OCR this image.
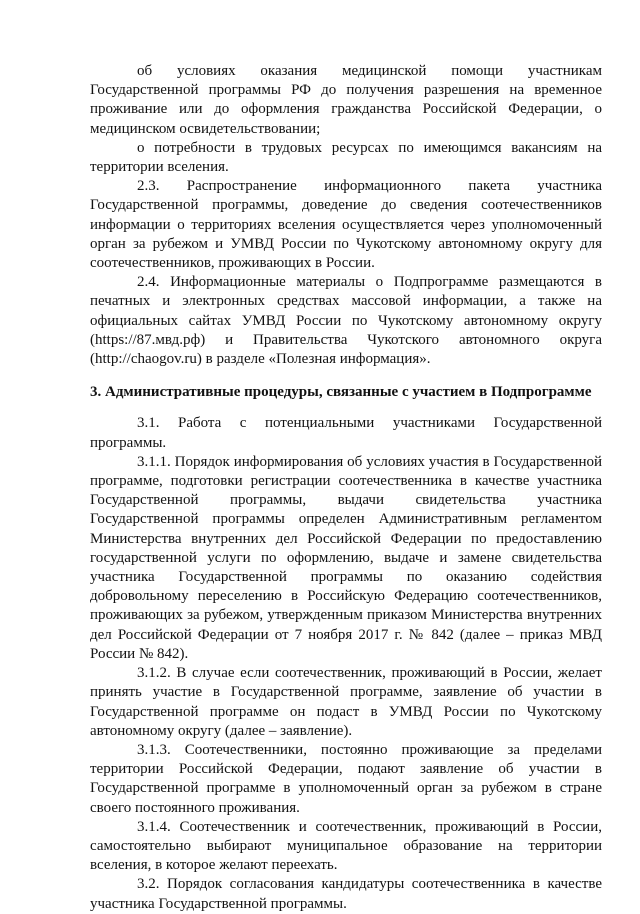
об условиях оказания медицинской помощи участникам Государственной программы РФ до получения разрешения на временное проживание или до оформления гражданства Российской Федерации, о медицинском освидетельствовании;

о потребности в трудовых ресурсах по имеющимся вакансиям на территории вселения.

2.3. Распространение информационного пакета участника Государственной программы, доведение до сведения соотечественников информации о территориях вселения осуществляется через уполномоченный орган за рубежом и УМВД России по Чукотскому автономному округу для соотечественников, проживающих в России.

2.4. Информационные материалы о Подпрограмме размещаются в печатных и электронных средствах массовой информации, а также на официальных сайтах УМВД России по Чукотскому автономному округу (https://87.мвд.рф) и Правительства Чукотского автономного округа (http://chaogov.ru) в разделе «Полезная информация».

3. Административные процедуры, связанные с участием в Подпрограмме

3.1. Работа с потенциальными участниками Государственной программы.

3.1.1. Порядок информирования об условиях участия в Государственной программе, подготовки регистрации соотечественника в качестве участника Государственной программы, выдачи свидетельства участника Государственной программы определен Административным регламентом Министерства внутренних дел Российской Федерации по предоставлению государственной услуги по оформлению, выдаче и замене свидетельства участника Государственной программы по оказанию содействия добровольному переселению в Российскую Федерацию соотечественников, проживающих за рубежом, утвержденным приказом Министерства внутренних дел Российской Федерации от 7 ноября 2017 г. № 842 (далее – приказ МВД России № 842).

3.1.2. В случае если соотечественник, проживающий в России, желает принять участие в Государственной программе, заявление об участии в Государственной программе он подаст в УМВД России по Чукотскому автономному округу (далее – заявление).

3.1.3. Соотечественники, постоянно проживающие за пределами территории Российской Федерации, подают заявление об участии в Государственной программе в уполномоченный орган за рубежом в стране своего постоянного проживания.

3.1.4. Соотечественник и соотечественник, проживающий в России, самостоятельно выбирают муниципальное образование на территории вселения, в которое желают переехать.

3.2. Порядок согласования кандидатуры соотечественника в качестве участника Государственной программы.
